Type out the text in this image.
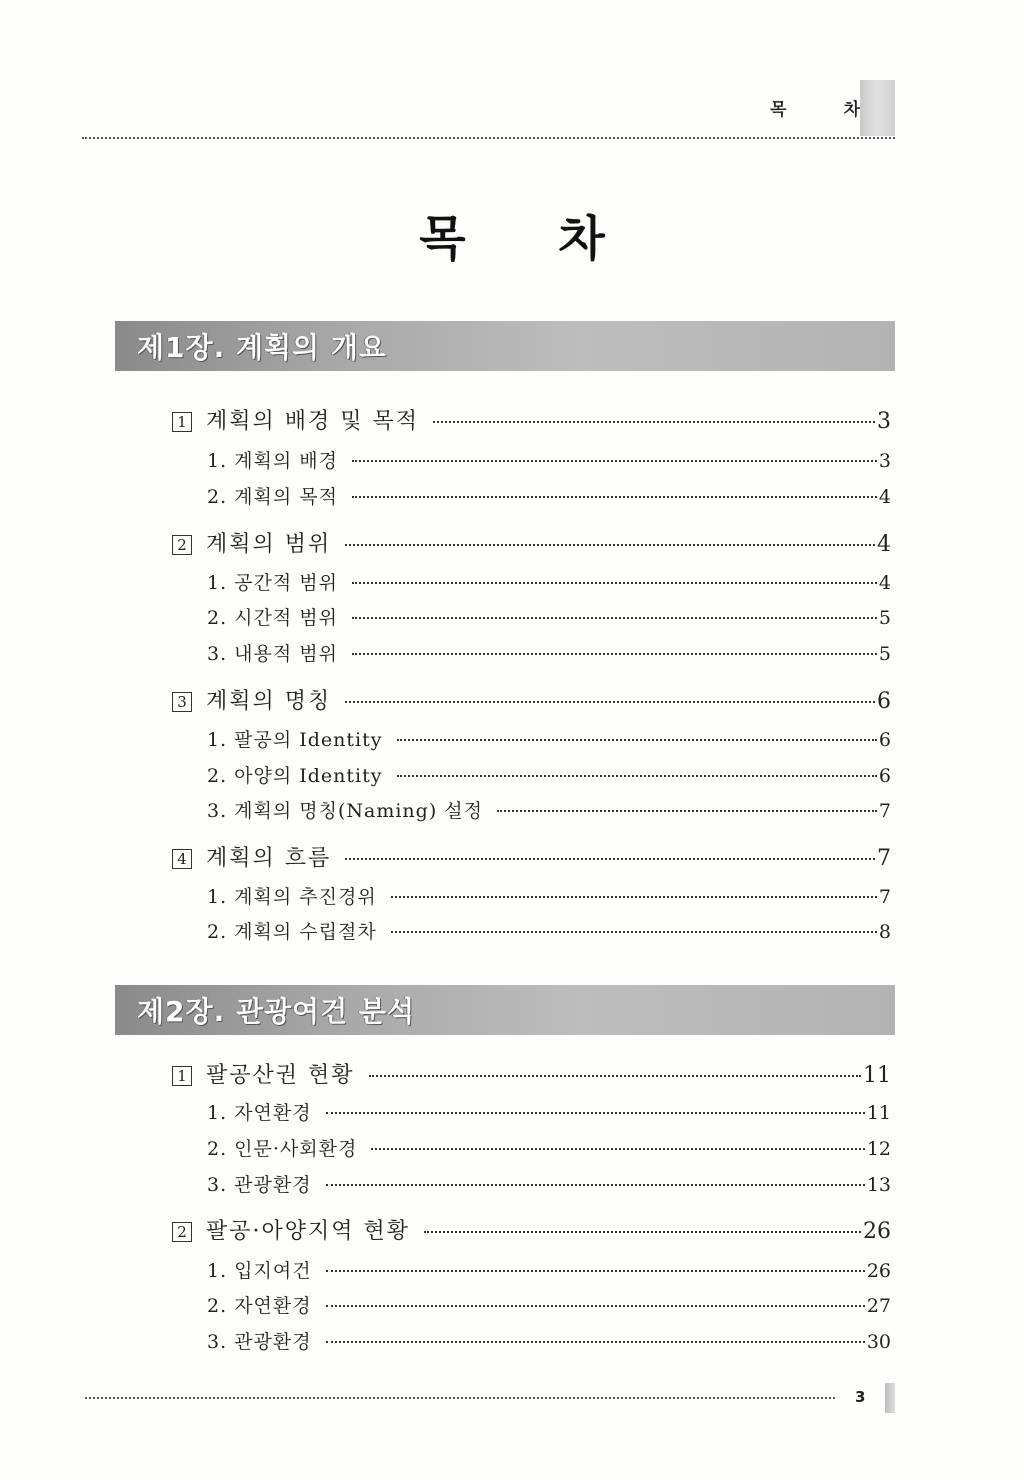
목	차
목 차
제1장. 계획의 개요
1 계획의 배경 및 목적	3
1. 계획의 배경	3
2. 계획의 목적	4
2 계획의 범위	4
1. 공간적 범위	4
2. 시간적 범위	5
3. 내용적 범위	5
3 계획의 명칭	6
1. 팔공의 Identity	6
2. 아양의 Identity	6
3. 계획의 명칭(Naming) 설정	7
4 계획의 흐름	7
1. 계획의 추진경위	7
2. 계획의 수립절차	8
제2장. 관광여건 분석
1 팔공산권 현황	11
1. 자연환경	11
2. 인문·사회환경	12
3. 관광환경	13
2 팔공·아양지역 현황	26
1. 입지여건	26
2. 자연환경	27
3. 관광환경	30
3
